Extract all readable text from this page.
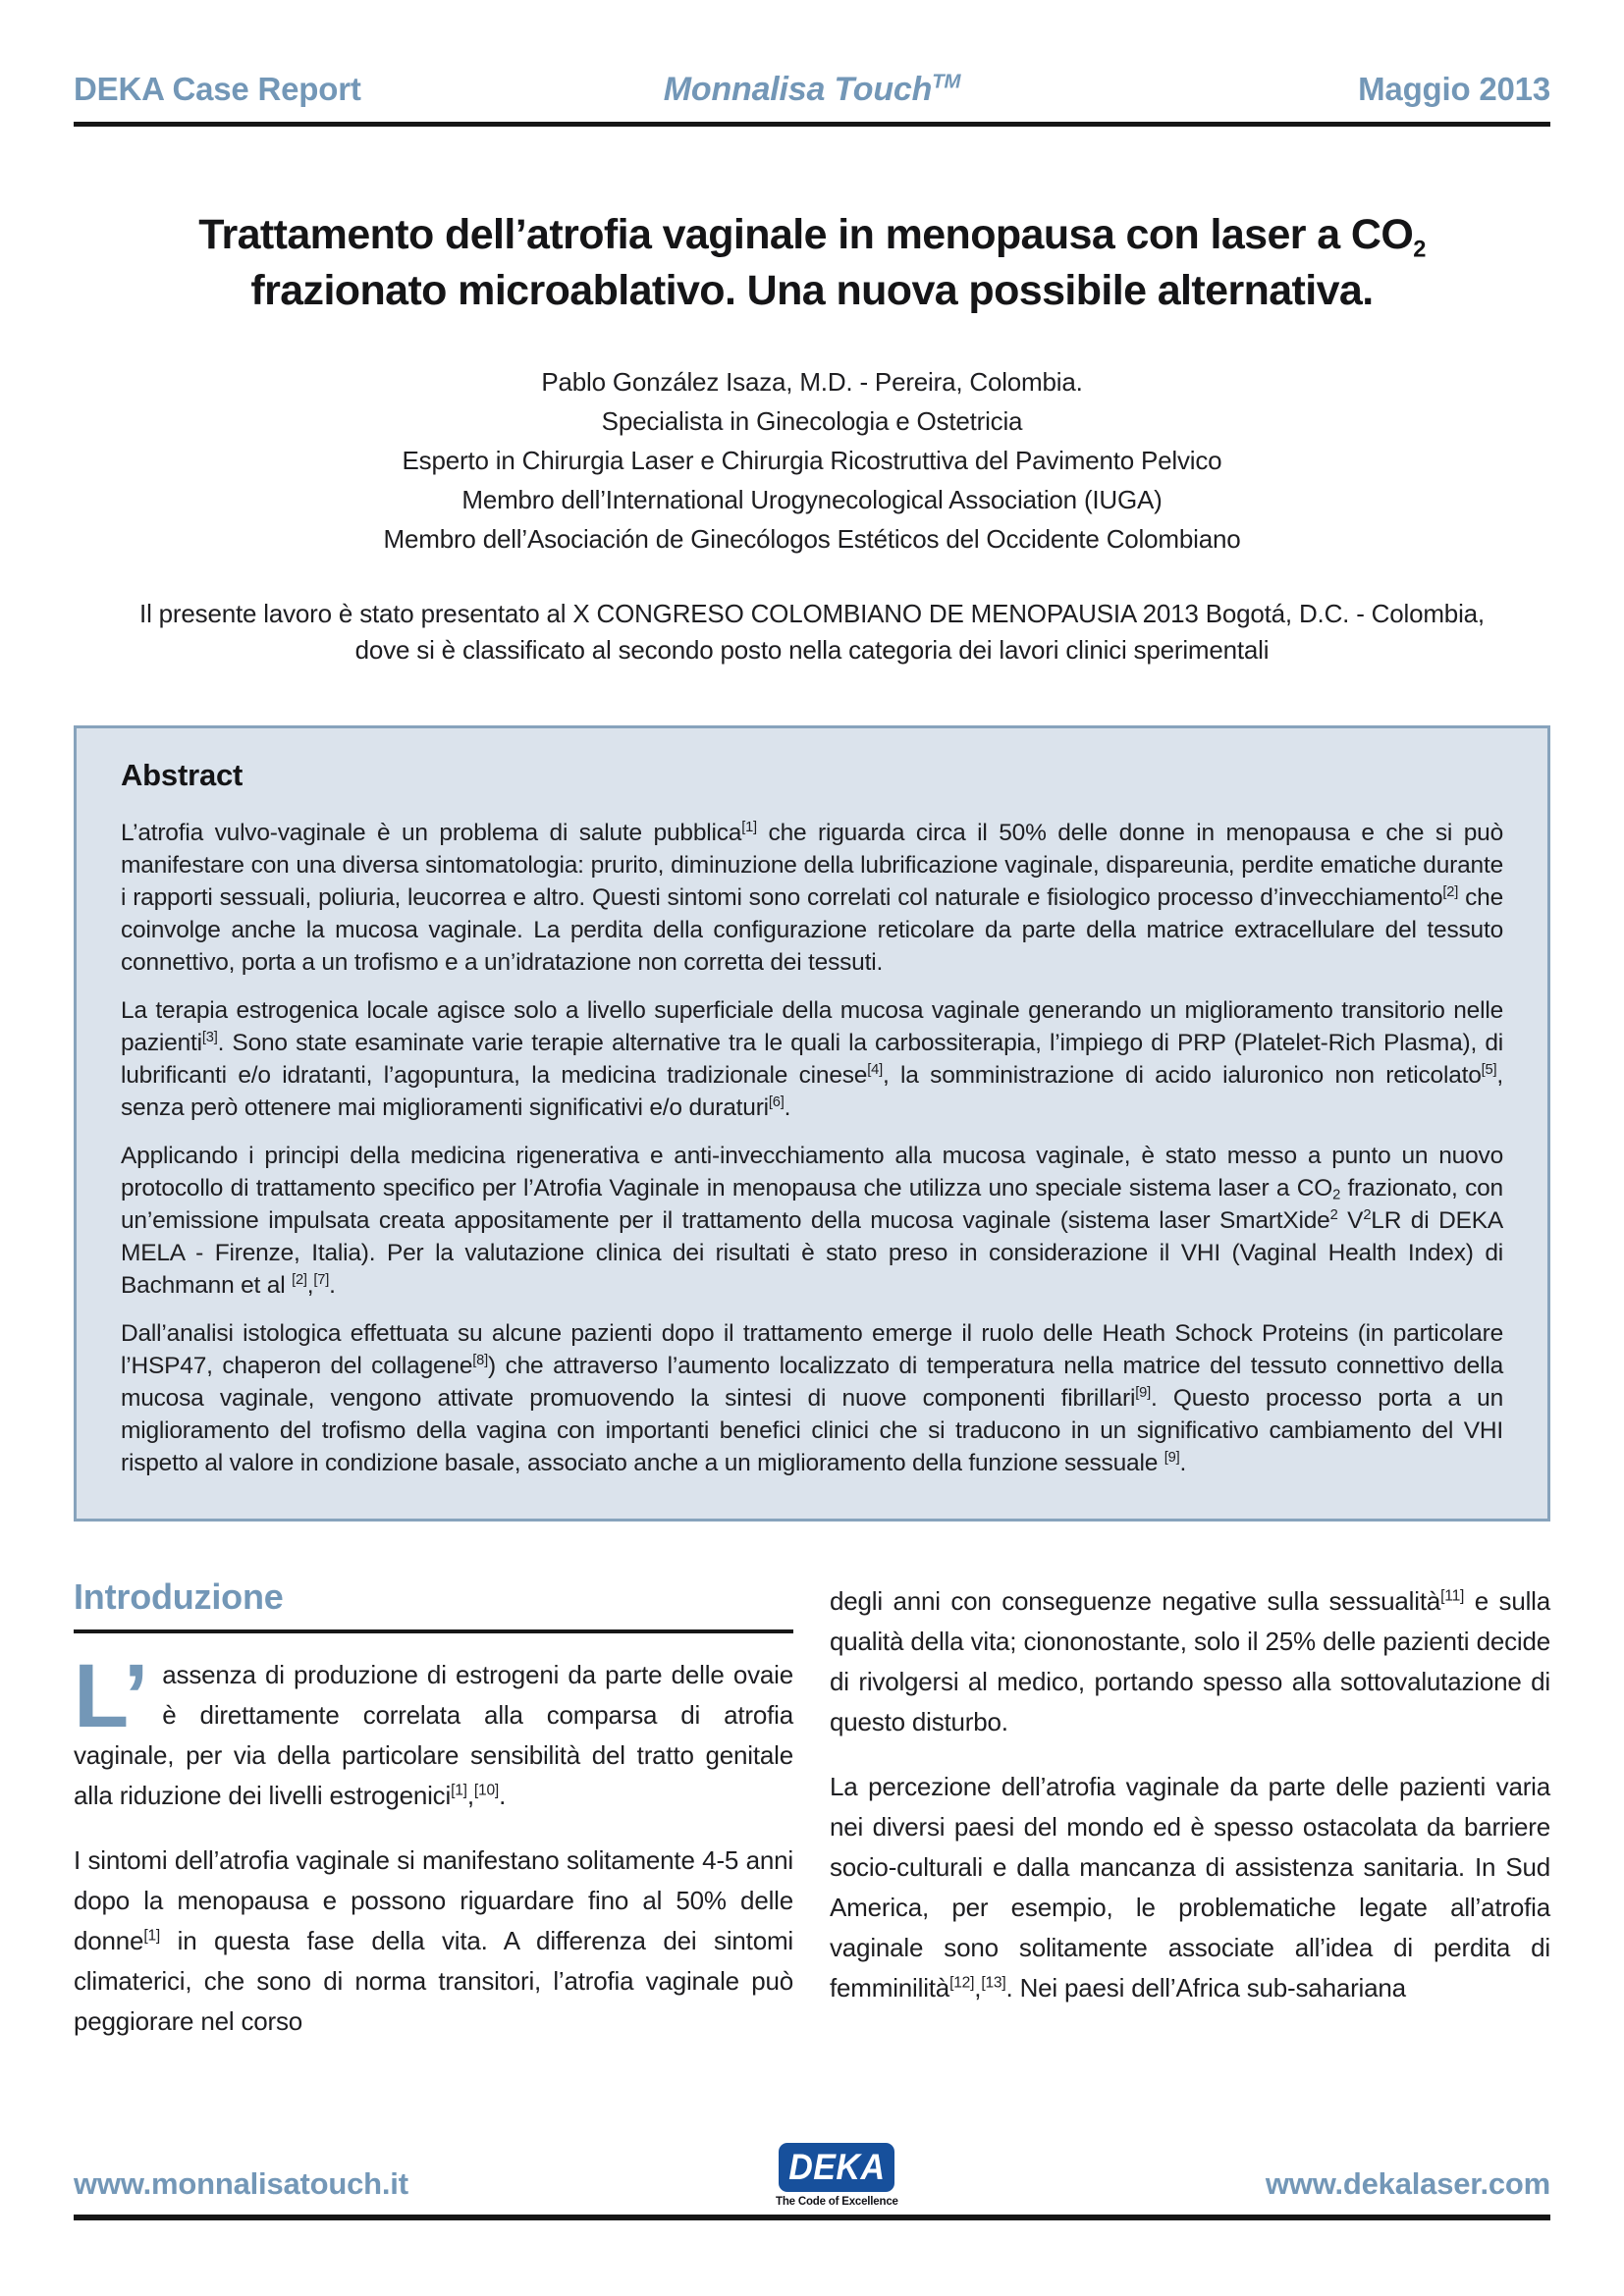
DEKA Case Report	Monnalisa Touch™	Maggio 2013
Trattamento dell’atrofia vaginale in menopausa con laser a $CO_2$
frazionato microablativo. Una nuova possibile alternativa.
Pablo González Isaza, M.D. - Pereira, Colombia.
Specialista in Ginecologia e Ostetricia
Esperto in Chirurgia Laser e Chirurgia Ricostruttiva del Pavimento Pelvico
Membro dell’International Urogynecological Association (IUGA)
Membro dell’Asociación de Ginecólogos Estéticos del Occidente Colombiano
Il presente lavoro è stato presentato al X CONGRESO COLOMBIANO DE MENOPAUSIA 2013 Bogotá, D.C. - Colombia,
dove si è classificato al secondo posto nella categoria dei lavori clinici sperimentali
Abstract

L’atrofia vulvo-vaginale è un problema di salute pubblica[1] che riguarda circa il 50% delle donne in menopausa e che si può manifestare con una diversa sintomatologia: prurito, diminuzione della lubrificazione vaginale, dispareunia, perdite ematiche durante i rapporti sessuali, poliuria, leucorrea e altro. Questi sintomi sono correlati col naturale e fisiologico processo d’invecchiamento[2] che coinvolge anche la mucosa vaginale. La perdita della configurazione reticolare da parte della matrice extracellulare del tessuto connettivo, porta a un trofismo e a un’idratazione non corretta dei tessuti.

La terapia estrogenica locale agisce solo a livello superficiale della mucosa vaginale generando un miglioramento transitorio nelle pazienti[3]. Sono state esaminate varie terapie alternative tra le quali la carbossiterapia, l’impiego di PRP (Platelet-Rich Plasma), di lubrificanti e/o idratanti, l’agopuntura, la medicina tradizionale cinese[4], la somministrazione di acido ialuronico non reticolato[5], senza però ottenere mai miglioramenti significativi e/o duraturi[6].

Applicando i principi della medicina rigenerativa e anti-invecchiamento alla mucosa vaginale, è stato messo a punto un nuovo protocollo di trattamento specifico per l’Atrofia Vaginale in menopausa che utilizza uno speciale sistema laser a $CO_2$ frazionato, con un’emissione impulsata creata appositamente per il trattamento della mucosa vaginale (sistema laser SmartXide$^2$ $V^2LR$ di DEKA MELA - Firenze, Italia). Per la valutazione clinica dei risultati è stato preso in considerazione il VHI (Vaginal Health Index) di Bachmann et al [2],[7].

Dall’analisi istologica effettuata su alcune pazienti dopo il trattamento emerge il ruolo delle Heath Schock Proteins (in particolare l’HSP47, chaperon del collagene[8]) che attraverso l’aumento localizzato di temperatura nella matrice del tessuto connettivo della mucosa vaginale, vengono attivate promuovendo la sintesi di nuove componenti fibrillari[9]. Questo processo porta a un miglioramento del trofismo della vagina con importanti benefici clinici che si traducono in un significativo cambiamento del VHI rispetto al valore in condizione basale, associato anche a un miglioramento della funzione sessuale [9].

Introduzione

L’ assenza di produzione di estrogeni da parte delle ovaie è direttamente correlata alla comparsa di atrofia vaginale, per via della particolare sensibilità del tratto genitale alla riduzione dei livelli estrogenici[1],[10].

I sintomi dell’atrofia vaginale si manifestano solitamente 4-5 anni dopo la menopausa e possono riguardare fino al 50% delle donne[1] in questa fase della vita. A differenza dei sintomi climaterici, che sono di norma transitori, l’atrofia vaginale può peggiorare nel corso

degli anni con conseguenze negative sulla sessualità[11] e sulla qualità della vita; ciononostante, solo il 25% delle pazienti decide di rivolgersi al medico, portando spesso alla sottovalutazione di questo disturbo.

La percezione dell’atrofia vaginale da parte delle pazienti varia nei diversi paesi del mondo ed è spesso ostacolata da barriere socio-culturali e dalla mancanza di assistenza sanitaria. In Sud America, per esempio, le problematiche legate all’atrofia vaginale sono solitamente associate all’idea di perdita di femminilità[12],[13]. Nei paesi dell’Africa sub-sahariana

www.monnalisatouch.it	DEKA
The Code of Excellence
www.dekalaser.com
